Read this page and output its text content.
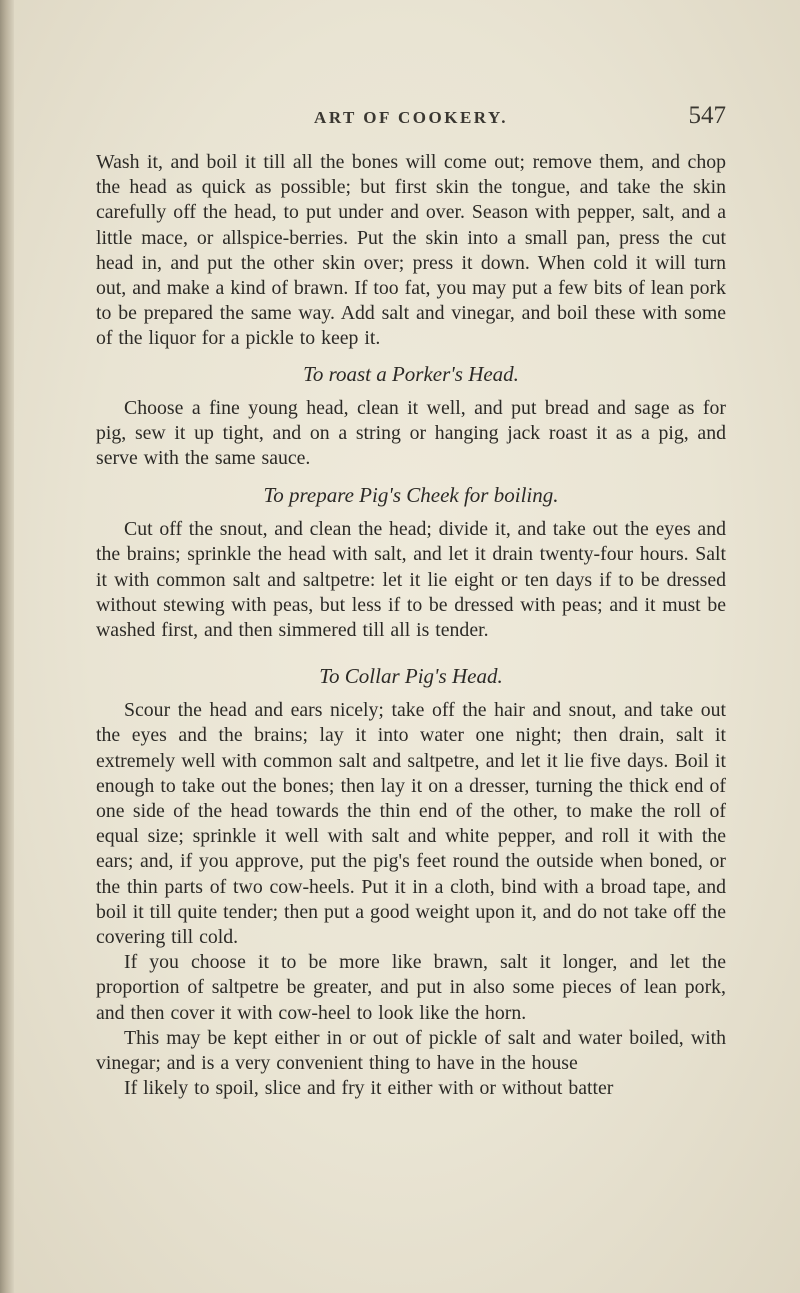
ART OF COOKERY.	547

Wash it, and boil it till all the bones will come out; remove them, and chop the head as quick as possible; but first skin the tongue, and take the skin carefully off the head, to put under and over. Season with pepper, salt, and a little mace, or allspice-berries. Put the skin into a small pan, press the cut head in, and put the other skin over; press it down. When cold it will turn out, and make a kind of brawn. If too fat, you may put a few bits of lean pork to be prepared the same way. Add salt and vinegar, and boil these with some of the liquor for a pickle to keep it.

To roast a Porker's Head.

Choose a fine young head, clean it well, and put bread and sage as for pig, sew it up tight, and on a string or hanging jack roast it as a pig, and serve with the same sauce.

To prepare Pig's Cheek for boiling.

Cut off the snout, and clean the head; divide it, and take out the eyes and the brains; sprinkle the head with salt, and let it drain twenty-four hours. Salt it with common salt and saltpetre: let it lie eight or ten days if to be dressed without stewing with peas, but less if to be dressed with peas; and it must be washed first, and then simmered till all is tender.

To Collar Pig's Head.

Scour the head and ears nicely; take off the hair and snout, and take out the eyes and the brains; lay it into water one night; then drain, salt it extremely well with common salt and saltpetre, and let it lie five days. Boil it enough to take out the bones; then lay it on a dresser, turning the thick end of one side of the head towards the thin end of the other, to make the roll of equal size; sprinkle it well with salt and white pepper, and roll it with the ears; and, if you approve, put the pig's feet round the outside when boned, or the thin parts of two cow-heels. Put it in a cloth, bind with a broad tape, and boil it till quite tender; then put a good weight upon it, and do not take off the covering till cold.

If you choose it to be more like brawn, salt it longer, and let the proportion of saltpetre be greater, and put in also some pieces of lean pork, and then cover it with cow-heel to look like the horn.

This may be kept either in or out of pickle of salt and water boiled, with vinegar; and is a very convenient thing to have in the house

If likely to spoil, slice and fry it either with or without batter
